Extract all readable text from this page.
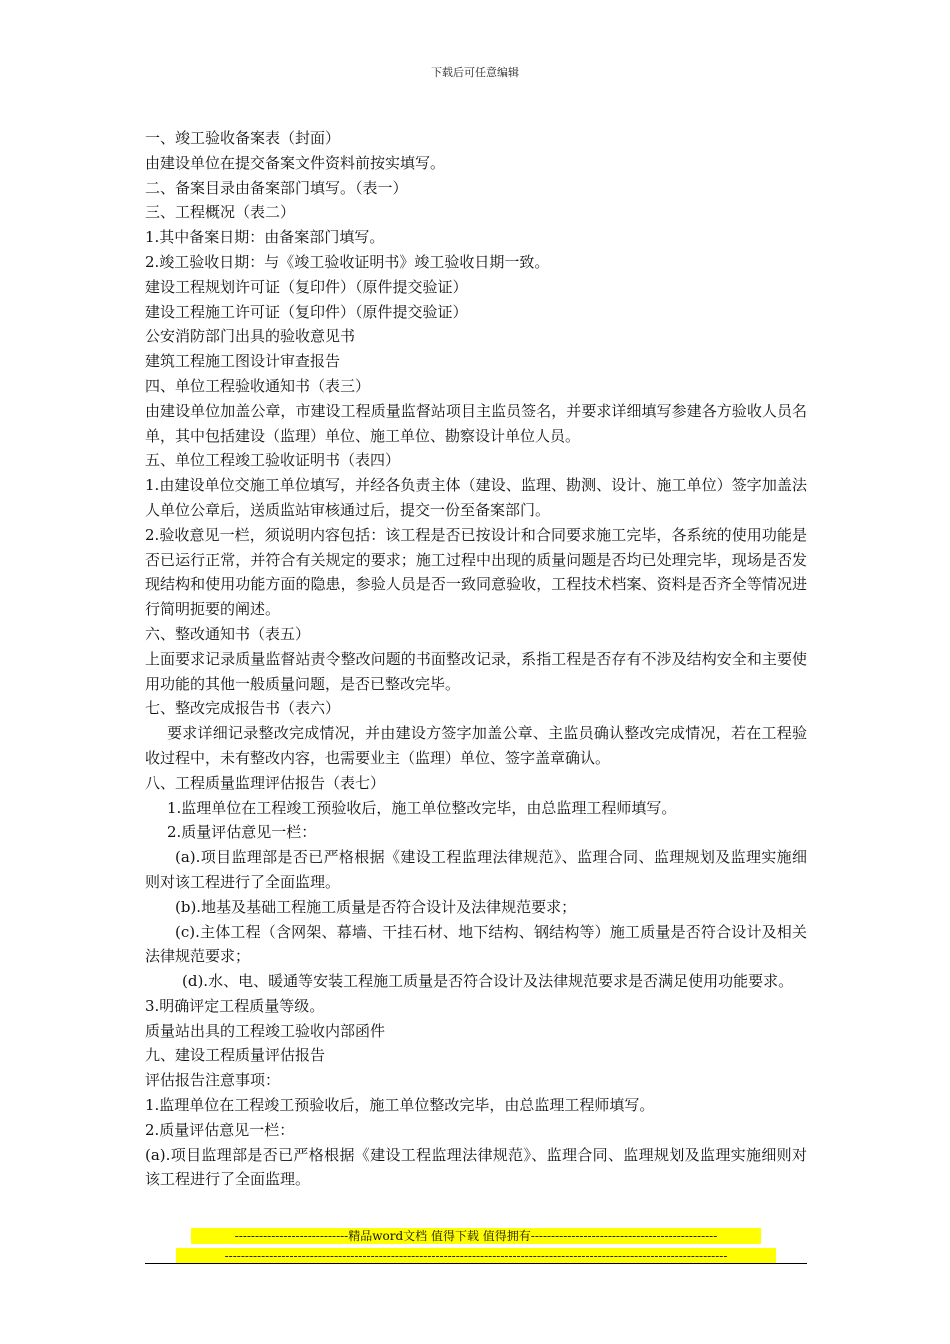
下载后可任意编辑

一、竣工验收备案表（封面）

由建设单位在提交备案文件资料前按实填写。

二、备案目录由备案部门填写。（表一）

三、工程概况（表二）

1.其中备案日期：由备案部门填写。

2.竣工验收日期：与《竣工验收证明书》竣工验收日期一致。

建设工程规划许可证（复印件）（原件提交验证）

建设工程施工许可证（复印件）（原件提交验证）

公安消防部门出具的验收意见书

建筑工程施工图设计审查报告

四、单位工程验收通知书（表三）

由建设单位加盖公章，市建设工程质量监督站项目主监员签名，并要求详细填写参建各方验收人员名单，其中包括建设（监理）单位、施工单位、勘察设计单位人员。

五、单位工程竣工验收证明书（表四）

1.由建设单位交施工单位填写，并经各负责主体（建设、监理、勘测、设计、施工单位）签字加盖法人单位公章后，送质监站审核通过后，提交一份至备案部门。

2.验收意见一栏，须说明内容包括：该工程是否已按设计和合同要求施工完毕，各系统的使用功能是否已运行正常，并符合有关规定的要求；施工过程中出现的质量问题是否均已处理完毕，现场是否发现结构和使用功能方面的隐患，参验人员是否一致同意验收，工程技术档案、资料是否齐全等情况进行简明扼要的阐述。

六、整改通知书（表五）

上面要求记录质量监督站责令整改问题的书面整改记录，系指工程是否存有不涉及结构安全和主要使用功能的其他一般质量问题，是否已整改完毕。

七、整改完成报告书（表六）

要求详细记录整改完成情况，并由建设方签字加盖公章、主监员确认整改完成情况，若在工程验收过程中，未有整改内容，也需要业主（监理）单位、签字盖章确认。

八、工程质量监理评估报告（表七）

1.监理单位在工程竣工预验收后，施工单位整改完毕，由总监理工程师填写。

2.质量评估意见一栏：

(a).项目监理部是否已严格根据《建设工程监理法律规范》、监理合同、监理规划及监理实施细则对该工程进行了全面监理。

(b).地基及基础工程施工质量是否符合设计及法律规范要求；

(c).主体工程（含网架、幕墙、干挂石材、地下结构、钢结构等）施工质量是否符合设计及相关法律规范要求；

(d).水、电、暖通等安装工程施工质量是否符合设计及法律规范要求是否满足使用功能要求。

3.明确评定工程质量等级。

质量站出具的工程竣工验收内部函件

九、建设工程质量评估报告

评估报告注意事项：

1.监理单位在工程竣工预验收后，施工单位整改完毕，由总监理工程师填写。

2.质量评估意见一栏：

(a).项目监理部是否已严格根据《建设工程监理法律规范》、监理合同、监理规划及监理实施细则对该工程进行了全面监理。

----------------------------精品word文档 值得下载 值得拥有----------------------------------------------
----------------------------------------------------------------------------------------------------------------------------
